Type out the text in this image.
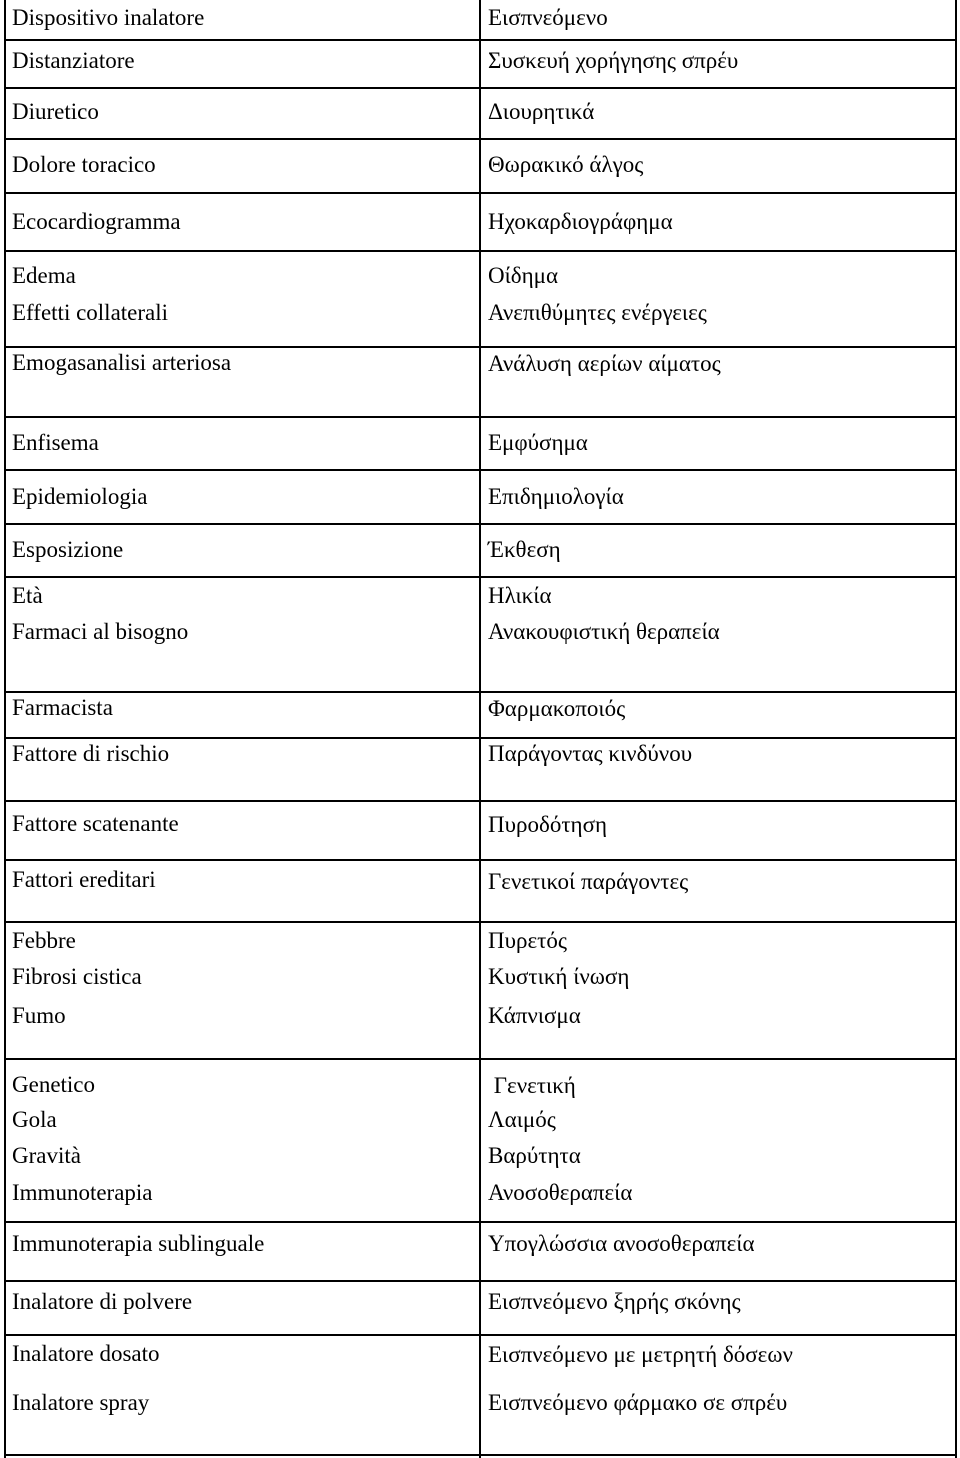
Dispositivo inalatore	Εισπνεόμενο
Distanziatore	Συσκευή χορήγησης σπρέυ
Diuretico	Διουρητικά
Dolore toracico	Θωρακικό άλγος
Ecocardiogramma	Ηχοκαρδιογράφημα
Edema	Οίδημα
Effetti collaterali	Ανεπιθύμητες ενέργειες
Emogasanalisi arteriosa	Ανάλυση αερίων αίματος
Enfisema	Εμφύσημα
Epidemiologia	Επιδημιολογία
Esposizione	Έκθεση
Età	Ηλικία
Farmaci al bisogno	Ανακουφιστική θεραπεία
Farmacista	Φαρμακοποιός
Fattore di rischio	Παράγοντας κινδύνου
Fattore scatenante	Πυροδότηση
Fattori ereditari	Γενετικοί παράγοντες
Febbre	Πυρετός
Fibrosi cistica	Κυστική ίνωση
Fumo	Κάπνισμα
Genetico	Γενετική
Gola	Λαιμός
Gravità	Βαρύτητα
Immunoterapia	Ανοσοθεραπεία
Immunoterapia sublinguale	Υπογλώσσια ανοσοθεραπεία
Inalatore di polvere	Εισπνεόμενο ξηρής σκόνης
Inalatore dosato	Εισπνεόμενο με μετρητή δόσεων
Inalatore spray	Εισπνεόμενο φάρμακο σε σπρέυ
